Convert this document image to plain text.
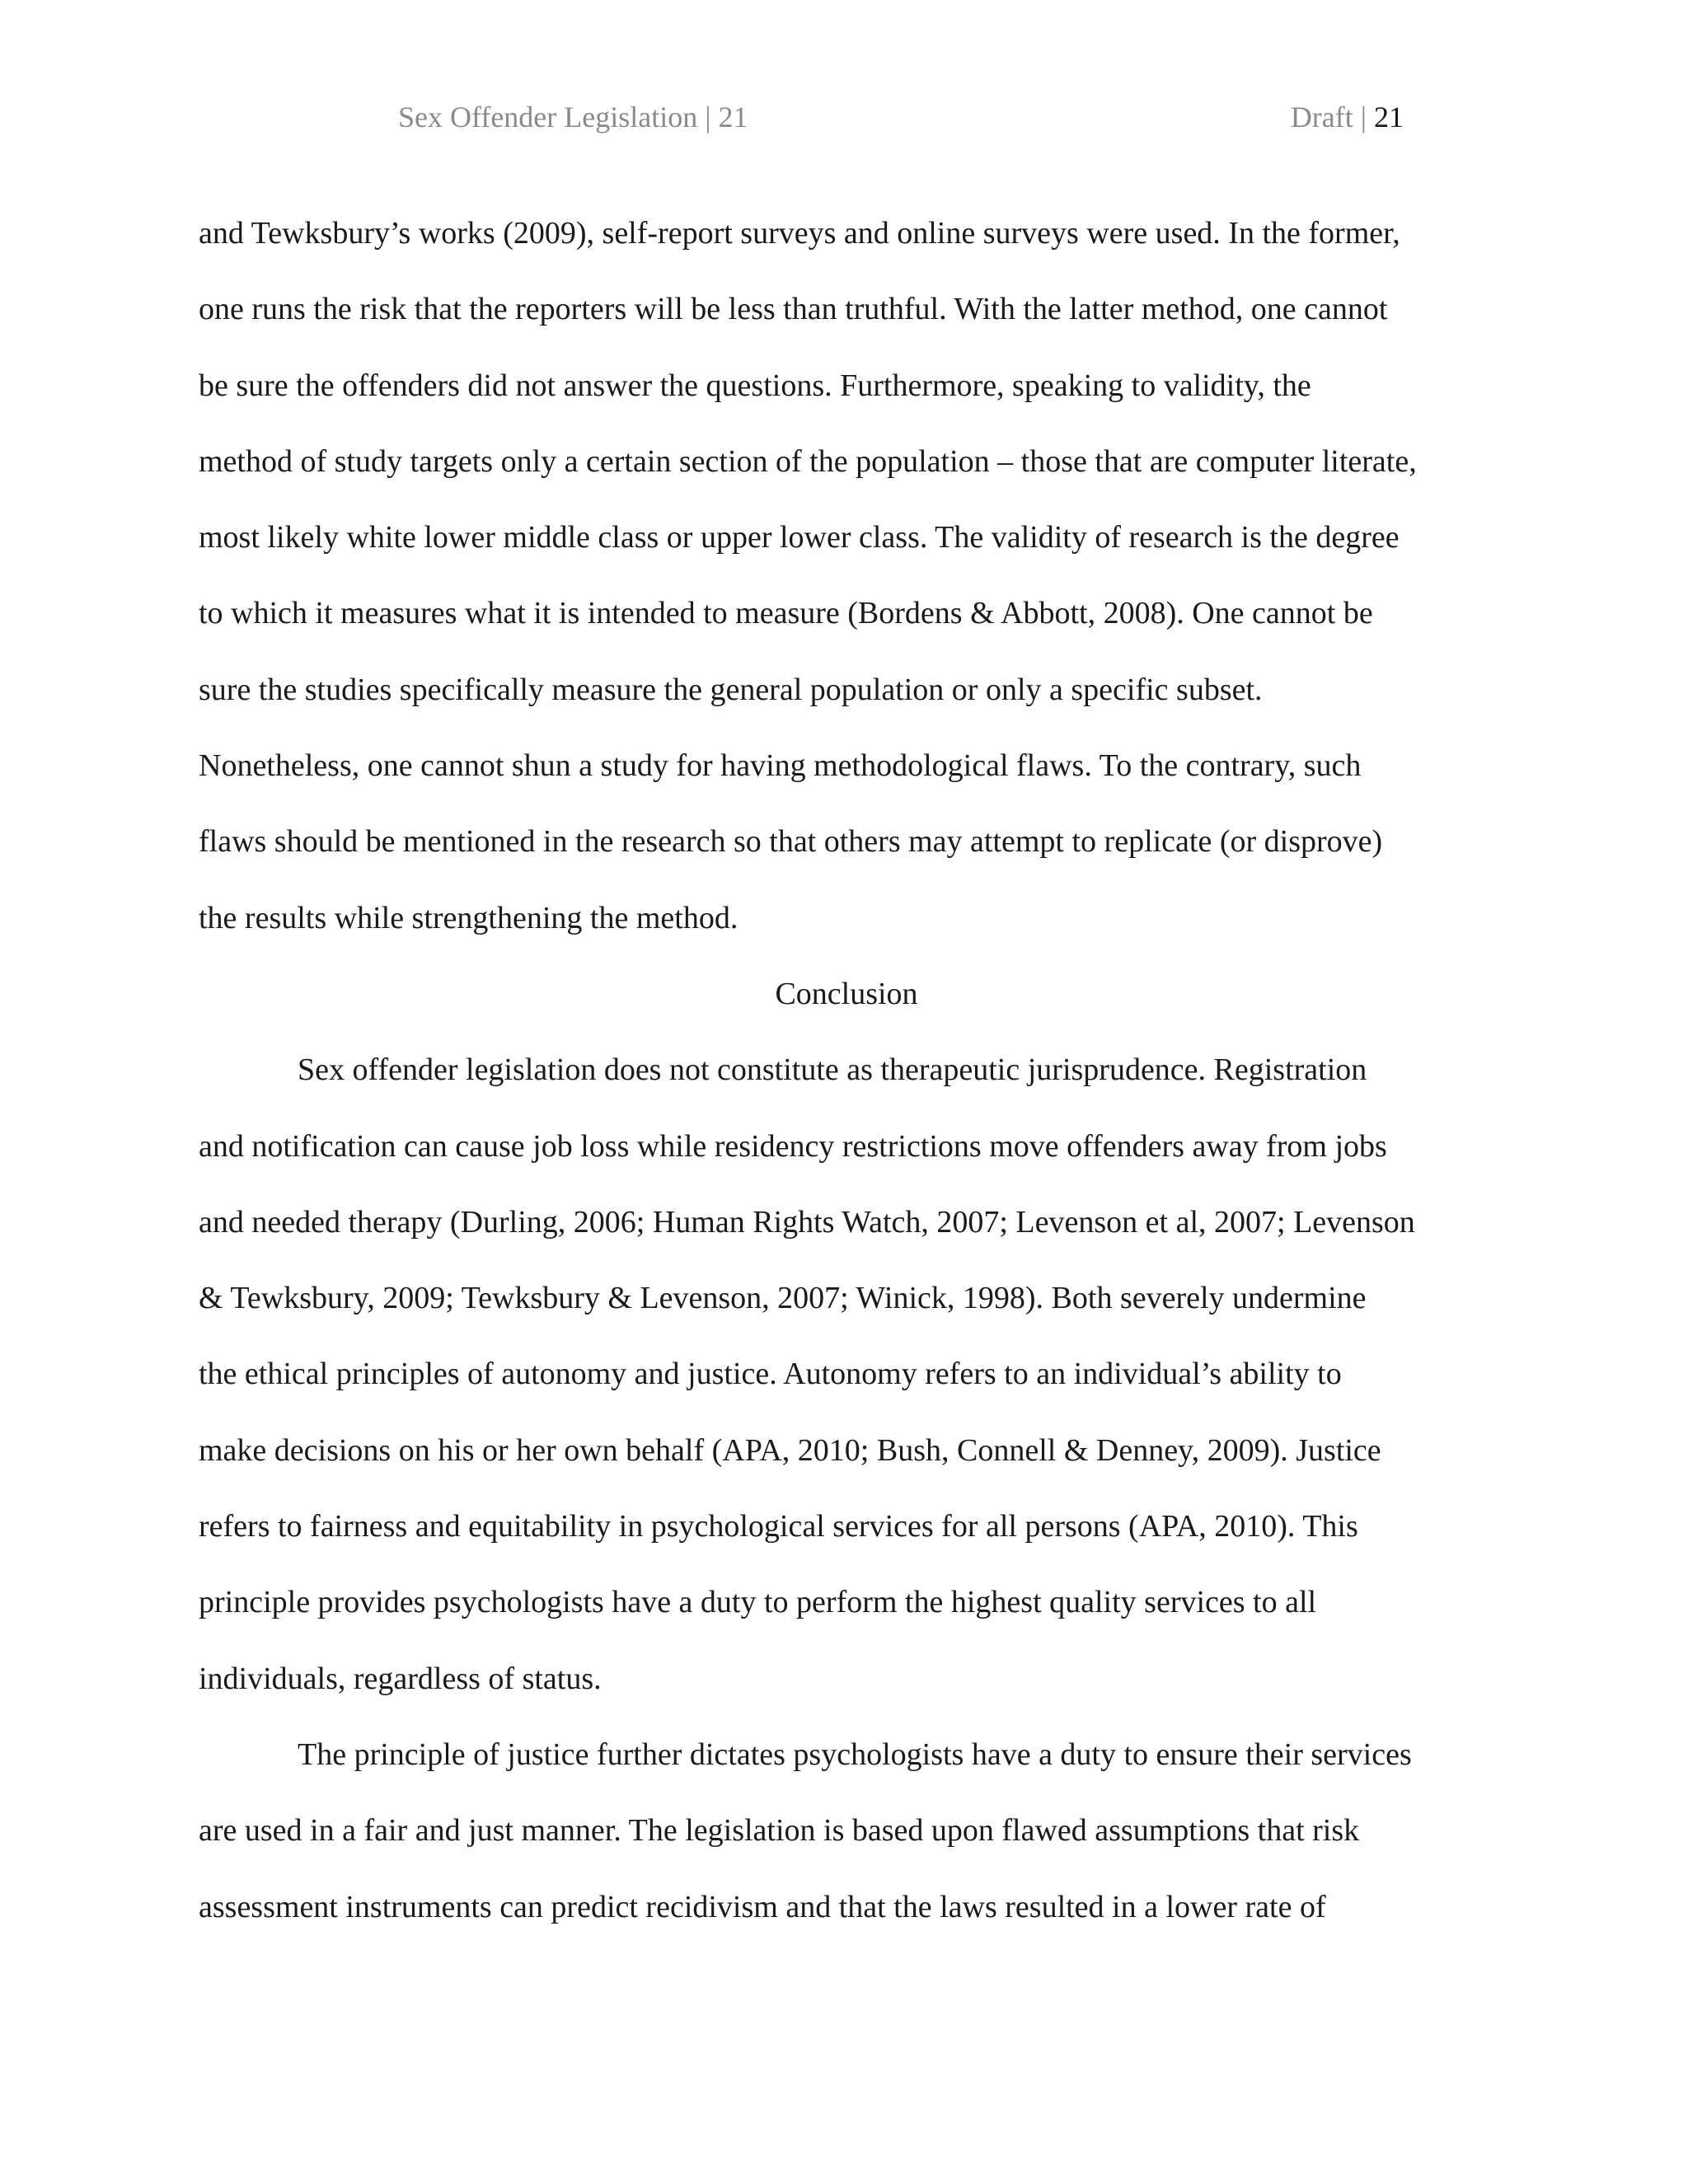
Sex Offender Legislation | 21	Draft | 21
and Tewksbury’s works (2009), self-report surveys and online surveys were used. In the former,
one runs the risk that the reporters will be less than truthful. With the latter method, one cannot
be sure the offenders did not answer the questions. Furthermore, speaking to validity, the
method of study targets only a certain section of the population – those that are computer literate,
most likely white lower middle class or upper lower class. The validity of research is the degree
to which it measures what it is intended to measure (Bordens & Abbott, 2008). One cannot be
sure the studies specifically measure the general population or only a specific subset.
Nonetheless, one cannot shun a study for having methodological flaws. To the contrary, such
flaws should be mentioned in the research so that others may attempt to replicate (or disprove)
the results while strengthening the method.
Conclusion
Sex offender legislation does not constitute as therapeutic jurisprudence. Registration
and notification can cause job loss while residency restrictions move offenders away from jobs
and needed therapy (Durling, 2006; Human Rights Watch, 2007; Levenson et al, 2007; Levenson
& Tewksbury, 2009; Tewksbury & Levenson, 2007; Winick, 1998). Both severely undermine
the ethical principles of autonomy and justice. Autonomy refers to an individual’s ability to
make decisions on his or her own behalf (APA, 2010; Bush, Connell & Denney, 2009). Justice
refers to fairness and equitability in psychological services for all persons (APA, 2010). This
principle provides psychologists have a duty to perform the highest quality services to all
individuals, regardless of status.
The principle of justice further dictates psychologists have a duty to ensure their services
are used in a fair and just manner. The legislation is based upon flawed assumptions that risk
assessment instruments can predict recidivism and that the laws resulted in a lower rate of
